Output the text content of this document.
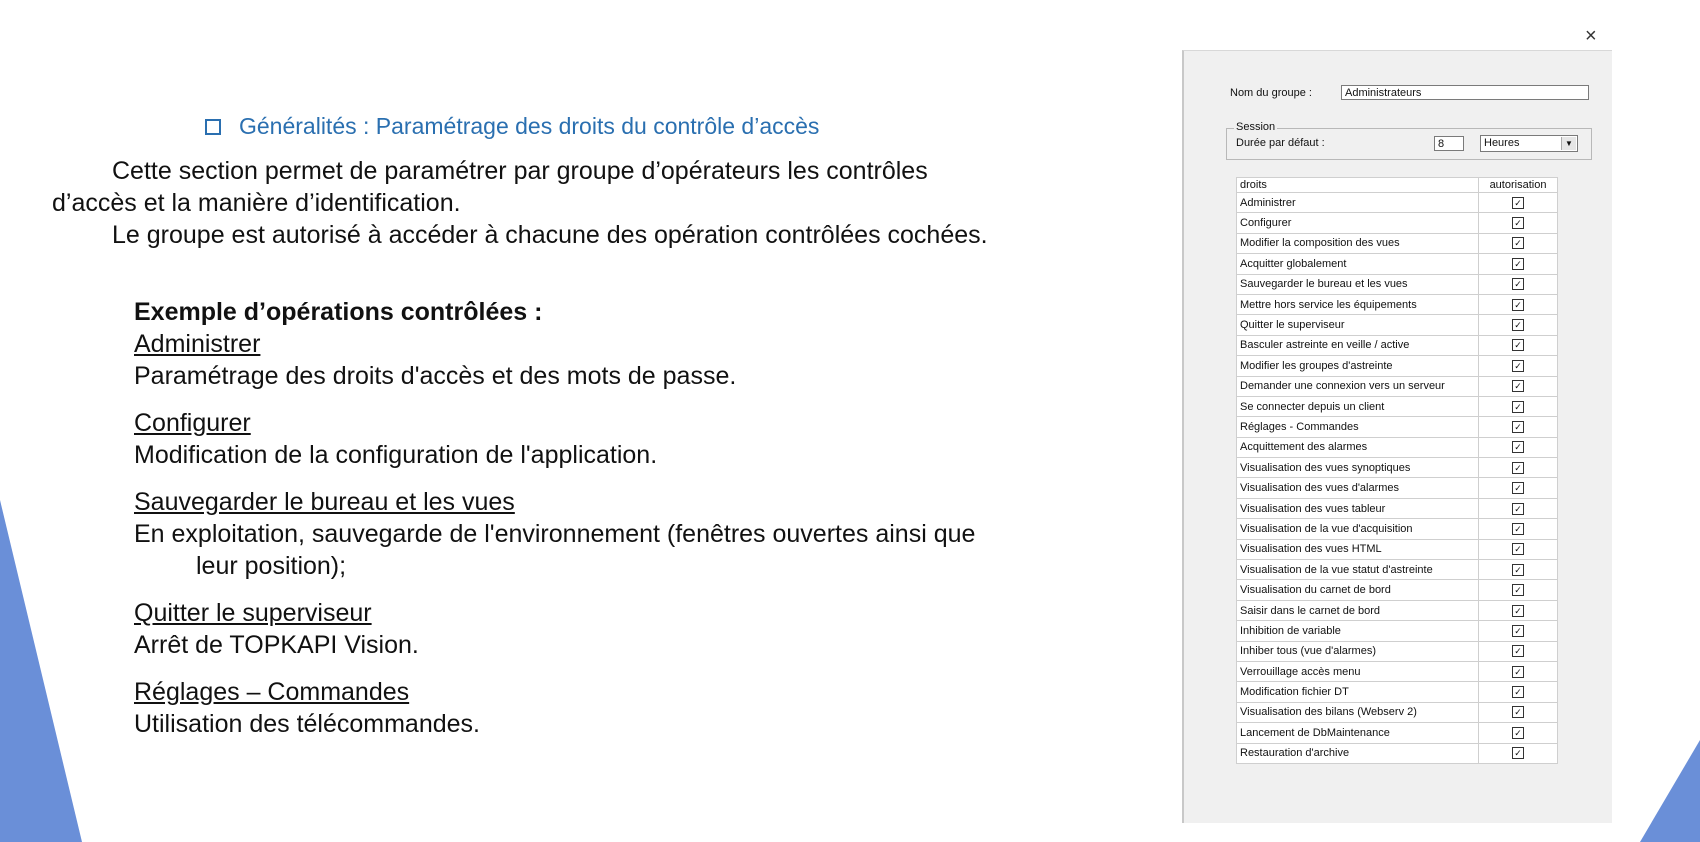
×
Généralités : Paramétrage des droits du contrôle d’accès
Cette section permet de paramétrer par groupe d’opérateurs les contrôles
d’accès et la manière d’identification.
Le groupe est autorisé à accéder à chacune des opération contrôlées cochées.
Exemple d’opérations contrôlées :
Administrer
Paramétrage des droits d'accès et des mots de passe.
Configurer
Modification de la configuration de l'application.
Sauvegarder le bureau et les vues
En exploitation, sauvegarde de l'environnement (fenêtres ouvertes ainsi que
leur position);
Quitter le superviseur
Arrêt de TOPKAPI Vision.
Réglages – Commandes
Utilisation des télécommandes.
Nom du groupe :	Administrateurs
Session
Durée par défaut :	8	Heures	▼
droits	autorisation
Administrer	✓
Configurer	✓
Modifier la composition des vues	✓
Acquitter globalement	✓
Sauvegarder le bureau et les vues	✓
Mettre hors service les équipements	✓
Quitter le superviseur	✓
Basculer astreinte en veille / active	✓
Modifier les groupes d'astreinte	✓
Demander une connexion vers un serveur	✓
Se connecter depuis un client	✓
Réglages - Commandes	✓
Acquittement des alarmes	✓
Visualisation des vues synoptiques	✓
Visualisation des vues d'alarmes	✓
Visualisation des vues tableur	✓
Visualisation de la vue d'acquisition	✓
Visualisation des vues HTML	✓
Visualisation de la vue statut d'astreinte	✓
Visualisation du carnet de bord	✓
Saisir dans le carnet de bord	✓
Inhibition de variable	✓
Inhiber tous (vue d'alarmes)	✓
Verrouillage accès menu	✓
Modification fichier DT	✓
Visualisation des bilans (Webserv 2)	✓
Lancement de DbMaintenance	✓
Restauration d'archive	✓
